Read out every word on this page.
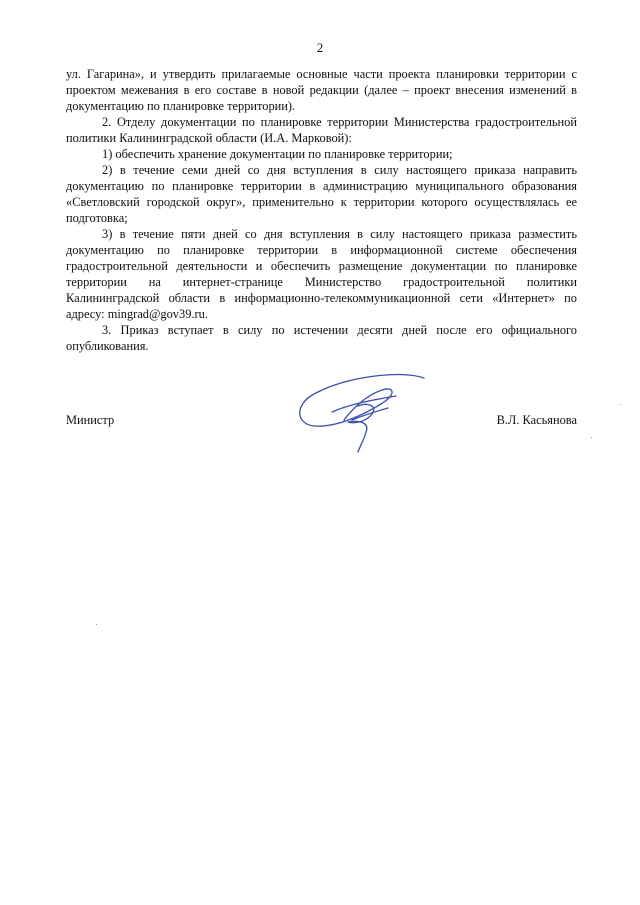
2

ул. Гагарина», и утвердить прилагаемые основные части проекта планировки территории с проектом межевания в его составе в новой редакции (далее – проект внесения изменений в документацию по планировке территории).

2. Отделу документации по планировке территории Министерства градостроительной политики Калининградской области (И.А. Марковой):

1) обеспечить хранение документации по планировке территории;

2) в течение семи дней со дня вступления в силу настоящего приказа направить документацию по планировке территории в администрацию муниципального образования «Светловский городской округ», применительно к территории которого осуществлялась ее подготовка;

3) в течение пяти дней со дня вступления в силу настоящего приказа разместить документацию по планировке территории в информационной системе обеспечения градостроительной деятельности и обеспечить размещение документации по планировке территории на интернет-странице Министерство градостроительной политики Калининградской области в информационно-телекоммуникационной сети «Интернет» по адресу: mingrad@gov39.ru.

3. Приказ вступает в силу по истечении десяти дней после его официального опубликования.

Министр	В.Л. Касьянова
